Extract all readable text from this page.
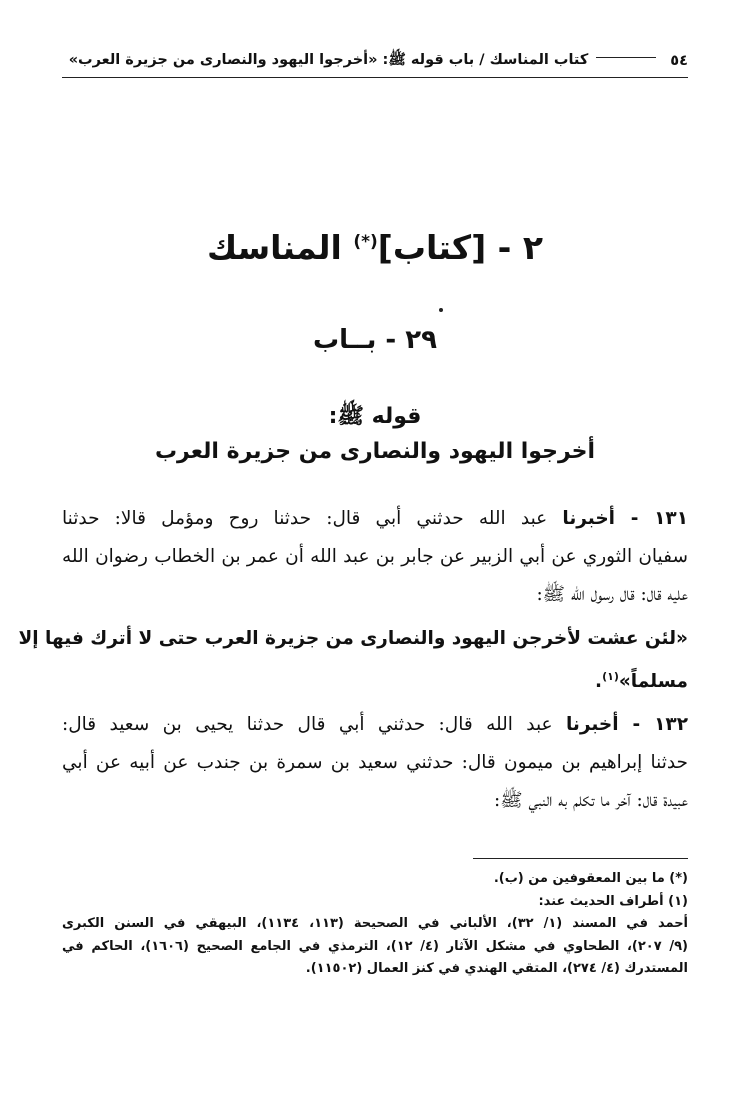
٥٤
كتاب المناسك / باب قوله ﷺ: «أخرجوا اليهود والنصارى من جزيرة العرب»
٢ - [كتاب](*) المناسك
٢٩ - بــاب
قوله ﷺ:
أخرجوا اليهود والنصارى من جزيرة العرب
١٣١ - أخبرنا عبد الله حدثني أبي قال: حدثنا روح ومؤمل قالا: حدثنا
سفيان الثوري عن أبي الزبير عن جابر بن عبد الله أن عمر بن الخطاب رضوان الله
عليه قال: قال رسول الله ﷺ:
«لئن عشت لأخرجن اليهود والنصارى من جزيرة العرب حتى لا أترك فيها إلا
مسلماً»$^{(١)}$.
١٣٢ - أخبرنا عبد الله قال: حدثني أبي قال حدثنا يحيى بن سعيد قال:
حدثنا إبراهيم بن ميمون قال: حدثني سعيد بن سمرة بن جندب عن أبيه عن أبي
عبيدة قال: آخر ما تكلم به النبي ﷺ:
(*) ما بين المعقوفين من (ب).
(١) أطراف الحديث عند:
أحمد في المسند (١/ ٣٢)، الألباني في الصحيحة (١١٣، ١١٣٤)، البيهقي في السنن الكبرى
(٩/ ٢٠٧)، الطحاوي في مشكل الآثار (٤/ ١٢)، الترمذي في الجامع الصحيح (١٦٠٦)، الحاكم في
المستدرك (٤/ ٢٧٤)، المتقي الهندي في كنز العمال (١١٥٠٢).
